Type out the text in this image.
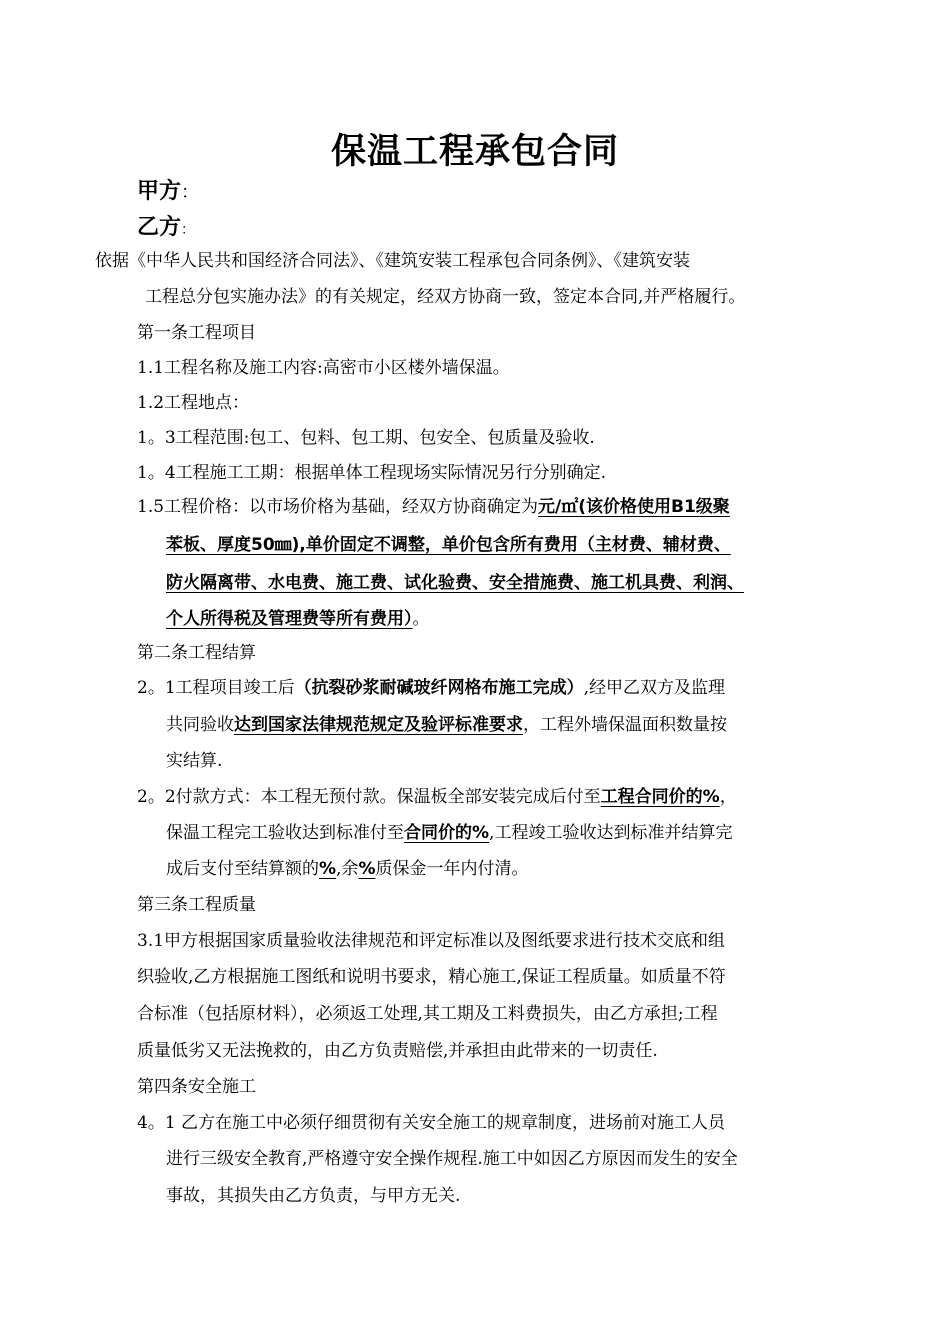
保温工程承包合同
甲方：
乙方：
依据《中华人民共和国经济合同法》、《建筑安装工程承包合同条例》、《建筑安装
工程总分包实施办法》的有关规定，经双方协商一致，签定本合同,并严格履行。
第一条工程项目
1.1工程名称及施工内容:高密市小区楼外墙保温。
1.2工程地点：
1。3工程范围:包工、包料、包工期、包安全、包质量及验收.
1。4工程施工工期：根据单体工程现场实际情况另行分别确定.
1.5工程价格：以市场价格为基础，经双方协商确定为元/㎡(该价格使用B1级聚
苯板、厚度50㎜),单价固定不调整，单价包含所有费用（主材费、辅材费、
防火隔离带、水电费、施工费、试化验费、安全措施费、施工机具费、利润、
个人所得税及管理费等所有费用）。
第二条工程结算
2。1工程项目竣工后（抗裂砂浆耐碱玻纤网格布施工完成）,经甲乙双方及监理
共同验收达到国家法律规范规定及验评标准要求，工程外墙保温面积数量按
实结算.
2。2付款方式：本工程无预付款。保温板全部安装完成后付至工程合同价的%，
保温工程完工验收达到标准付至合同价的%,工程竣工验收达到标准并结算完
成后支付至结算额的%,余%质保金一年内付清。
第三条工程质量
3.1甲方根据国家质量验收法律规范和评定标准以及图纸要求进行技术交底和组
织验收,乙方根据施工图纸和说明书要求，精心施工,保证工程质量。如质量不符
合标准（包括原材料），必须返工处理,其工期及工料费损失，由乙方承担;工程
质量低劣又无法挽救的，由乙方负责赔偿,并承担由此带来的一切责任.
第四条安全施工
4。1 乙方在施工中必须仔细贯彻有关安全施工的规章制度，进场前对施工人员
进行三级安全教育,严格遵守安全操作规程.施工中如因乙方原因而发生的安全
事故，其损失由乙方负责，与甲方无关.
